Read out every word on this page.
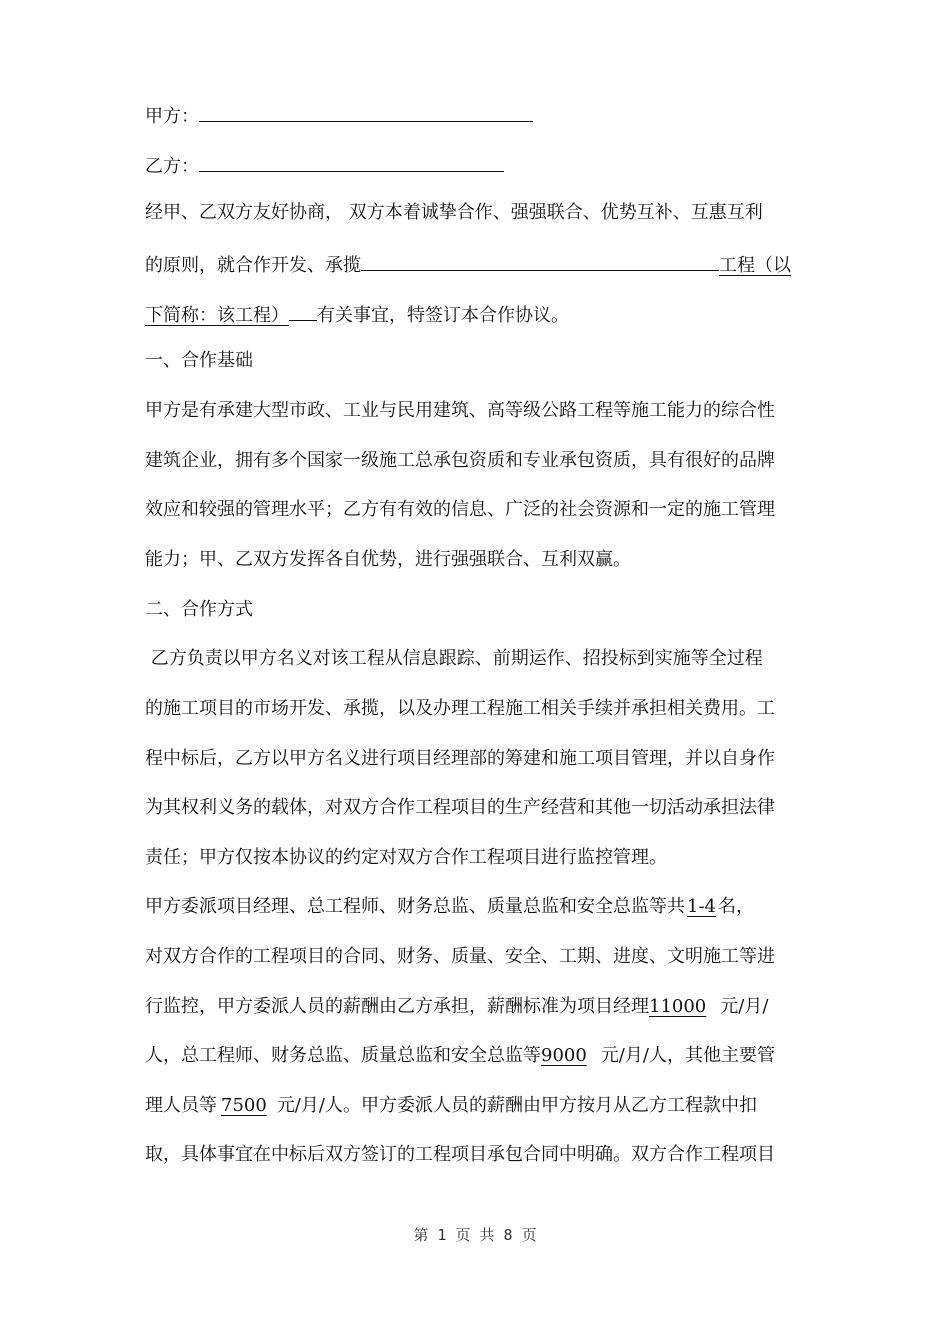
甲方：
乙方：
经甲、乙双方友好协商， 双方本着诚挚合作、强强联合、优势互补、互惠互利
的原则，就合作开发、承揽	工程（以
下简称：该工程） 有关事宜，特签订本合作协议。
一、合作基础
甲方是有承建大型市政、工业与民用建筑、高等级公路工程等施工能力的综合性
建筑企业，拥有多个国家一级施工总承包资质和专业承包资质，具有很好的品牌
效应和较强的管理水平；乙方有有效的信息、广泛的社会资源和一定的施工管理
能力；甲、乙双方发挥各自优势，进行强强联合、互利双赢。
二、合作方式
乙方负责以甲方名义对该工程从信息跟踪、前期运作、招投标到实施等全过程
的施工项目的市场开发、承揽，以及办理工程施工相关手续并承担相关费用。工
程中标后，乙方以甲方名义进行项目经理部的筹建和施工项目管理，并以自身作
为其权利义务的载体，对双方合作工程项目的生产经营和其他一切活动承担法律
责任；甲方仅按本协议的约定对双方合作工程项目进行监控管理。
甲方委派项目经理、总工程师、财务总监、质量总监和安全总监等共 1-4 名，
对双方合作的工程项目的合同、财务、质量、安全、工期、进度、文明施工等进
行监控，甲方委派人员的薪酬由乙方承担，薪酬标准为项目经理11000 元/月/
人，总工程师、财务总监、质量总监和安全总监等9000 元/月/人，其他主要管
理人员等 7500 元/月/人。甲方委派人员的薪酬由甲方按月从乙方工程款中扣
取，具体事宜在中标后双方签订的工程项目承包合同中明确。双方合作工程项目
第 1 页 共 8 页
